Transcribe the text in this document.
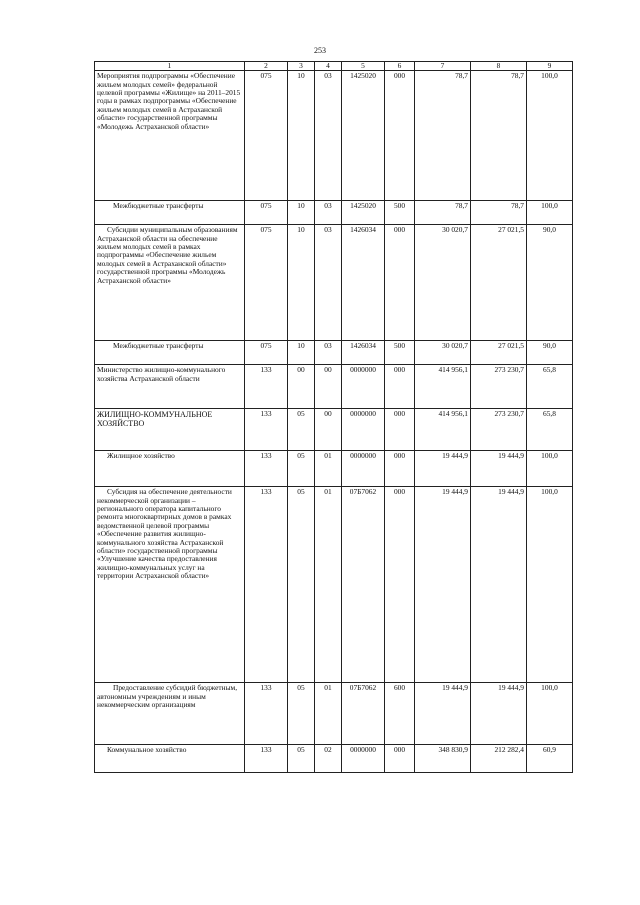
253
1	2	3	4	5	6	7	8	9
Мероприятия подпрограммы «Обеспечение жильем молодых семей» федеральной целевой программы «Жилище» на 2011–2015 годы в рамках подпрограммы «Обеспечение жильем молодых семей в Астраханской области» государственной программы «Молодежь Астраханской области»	075	10	03	1425020	000	78,7	78,7	100,0
Межбюджетные трансферты	075	10	03	1425020	500	78,7	78,7	100,0
Субсидии муниципальным образованиям Астраханской области на обеспечение жильем молодых семей в рамках подпрограммы «Обеспечение жильем молодых семей в Астраханской области» государственной программы «Молодежь Астраханской области»	075	10	03	1426034	000	30 020,7	27 021,5	90,0
Межбюджетные трансферты	075	10	03	1426034	500	30 020,7	27 021,5	90,0
Министерство жилищно-коммунального хозяйства Астраханской области	133	00	00	0000000	000	414 956,1	273 230,7	65,8
ЖИЛИЩНО-КОММУНАЛЬНОЕ ХОЗЯЙСТВО	133	05	00	0000000	000	414 956,1	273 230,7	65,8
Жилищное хозяйство	133	05	01	0000000	000	19 444,9	19 444,9	100,0
Субсидия на обеспечение деятельности некоммерческой организации – регионального оператора капитального ремонта многоквартирных домов в рамках ведомственной целевой программы «Обеспечение развития жилищно-коммунального хозяйства Астраханской области» государственной программы «Улучшение качества предоставления жилищно-коммунальных услуг на территории Астраханской области»	133	05	01	07Б7062	000	19 444,9	19 444,9	100,0
Предоставление субсидий бюджетным, автономным учреждениям и иным некоммерческим организациям	133	05	01	07Б7062	600	19 444,9	19 444,9	100,0
Коммунальное хозяйство	133	05	02	0000000	000	348 830,9	212 282,4	60,9
